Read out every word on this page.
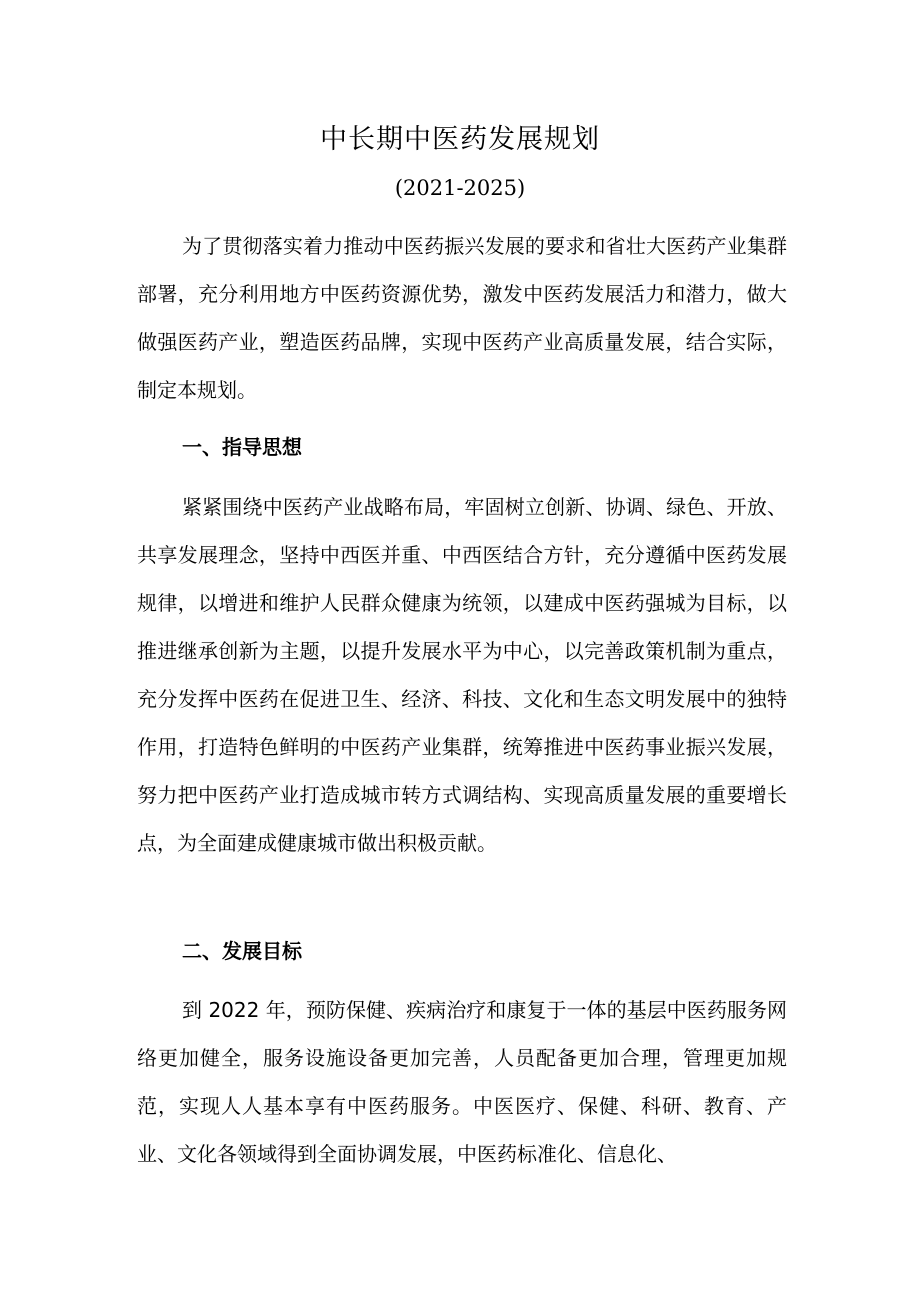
中长期中医药发展规划
(2021-2025)

为了贯彻落实着力推动中医药振兴发展的要求和省壮大医药产业集群部署，充分利用地方中医药资源优势，激发中医药发展活力和潜力，做大做强医药产业，塑造医药品牌，实现中医药产业高质量发展，结合实际，制定本规划。

一、指导思想

紧紧围绕中医药产业战略布局，牢固树立创新、协调、绿色、开放、共享发展理念，坚持中西医并重、中西医结合方针，充分遵循中医药发展规律，以增进和维护人民群众健康为统领，以建成中医药强城为目标，以推进继承创新为主题，以提升发展水平为中心，以完善政策机制为重点，充分发挥中医药在促进卫生、经济、科技、文化和生态文明发展中的独特作用，打造特色鲜明的中医药产业集群，统筹推进中医药事业振兴发展，努力把中医药产业打造成城市转方式调结构、实现高质量发展的重要增长点，为全面建成健康城市做出积极贡献。

二、发展目标

到 2022 年，预防保健、疾病治疗和康复于一体的基层中医药服务网络更加健全，服务设施设备更加完善，人员配备更加合理，管理更加规范，实现人人基本享有中医药服务。中医医疗、保健、科研、教育、产业、文化各领域得到全面协调发展，中医药标准化、信息化、
